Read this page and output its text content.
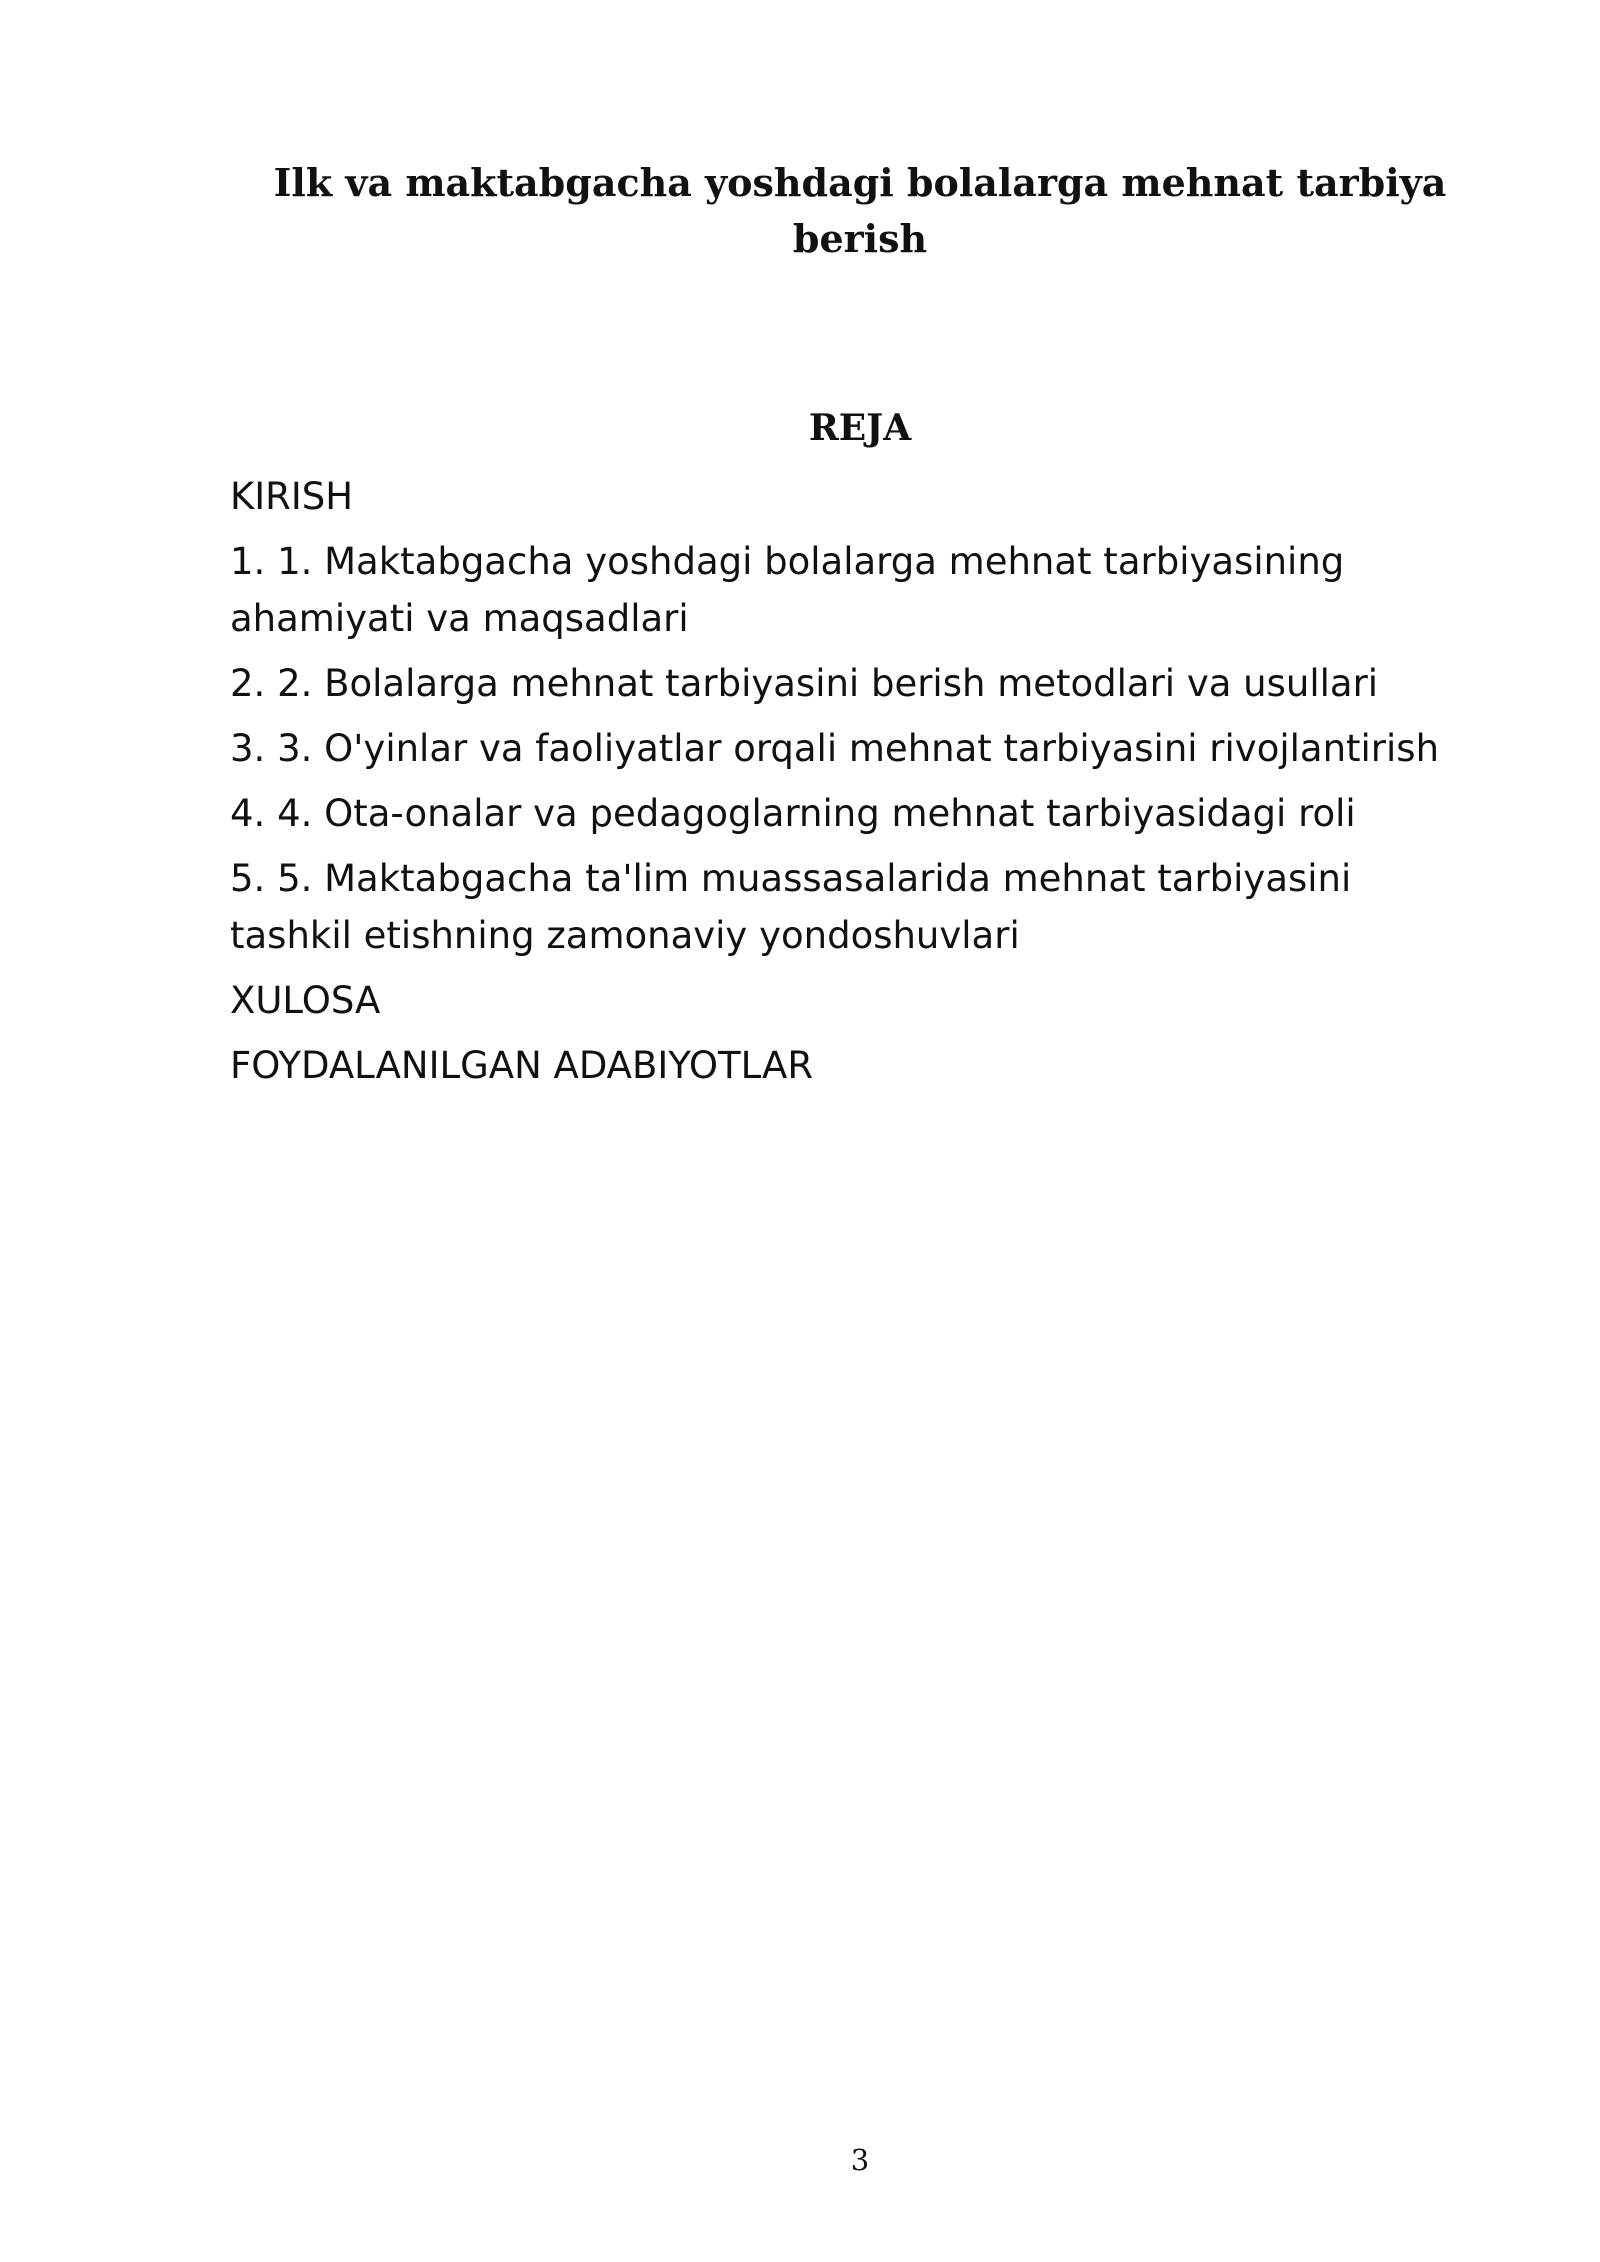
Ilk va maktabgacha yoshdagi bolalarga mehnat tarbiya berish
REJA
KIRISH
1. 1. Maktabgacha yoshdagi bolalarga mehnat tarbiyasining ahamiyati va maqsadlari
2. 2. Bolalarga mehnat tarbiyasini berish metodlari va usullari
3. 3. O'yinlar va faoliyatlar orqali mehnat tarbiyasini rivojlantirish
4. 4. Ota-onalar va pedagoglarning mehnat tarbiyasidagi roli
5. 5. Maktabgacha ta'lim muassasalarida mehnat tarbiyasini tashkil etishning zamonaviy yondoshuvlari
XULOSA
FOYDALANILGAN ADABIYOTLAR
3
